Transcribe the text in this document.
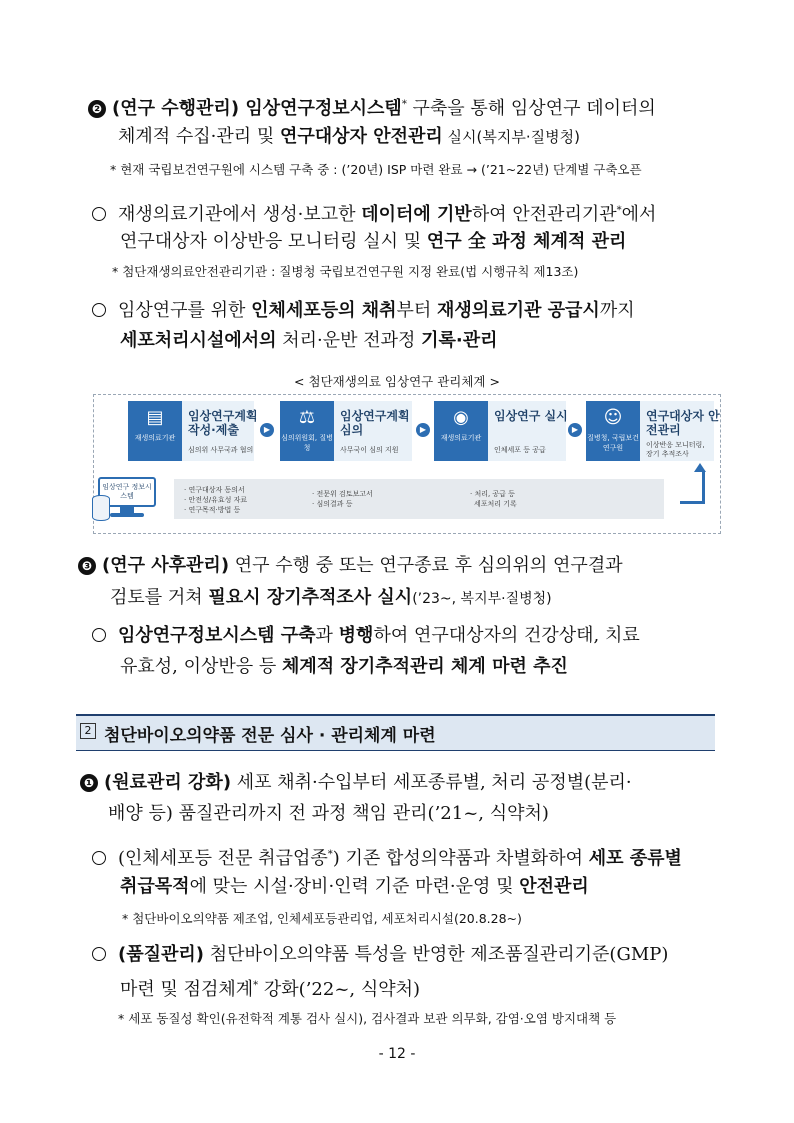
❷ (연구 수행관리) 임상연구정보시스템* 구축을 통해 임상연구 데이터의
체계적 수집·관리 및 연구대상자 안전관리 실시(복지부·질병청)
* 현재 국립보건연구원에 시스템 구축 중 : (’20년) ISP 마련 완료 → (’21~22년) 단계별 구축오픈
재생의료기관에서 생성·보고한 데이터에 기반하여 안전관리기관*에서
연구대상자 이상반응 모니터링 실시 및 연구 全 과정 체계적 관리
* 첨단재생의료안전관리기관 : 질병청 국립보건연구원 지정 완료(법 시행규칙 제13조)
임상연구를 위한 인체세포등의 채취부터 재생의료기관 공급시까지
세포처리시설에서의 처리·운반 전과정 기록·관리
< 첨단재생의료 임상연구 관리체계 >
▤
재생의료기관
임상연구계획 작성·제출
심의위 사무국과 협의
▶
⚖
심의위원회, 질병청
임상연구계획 심의
사무국이 심의 지원
▶
◉
재생의료기관
임상연구 실시
인체세포 등 공급
▶
☺
질병청, 국립보건연구원
연구대상자 안전관리
이상반응 모니터링, 장기 추적조사
· 연구대상자 동의서
· 안전성/유효성 자료
· 연구목적·방법 등
· 전문위 검토보고서
· 심의결과 등
· 처리, 공급 등
세포처리 기록
임상연구 정보시스템
❸ (연구 사후관리) 연구 수행 중 또는 연구종료 후 심의위의 연구결과
검토를 거쳐 필요시 장기추적조사 실시(’23~, 복지부·질병청)
임상연구정보시스템 구축과 병행하여 연구대상자의 건강상태, 치료
유효성, 이상반응 등 체계적 장기추적관리 체계 마련 추진
2 첨단바이오의약품 전문 심사 · 관리체계 마련
❶ (원료관리 강화) 세포 채취·수입부터 세포종류별, 처리 공정별(분리·
배양 등) 품질관리까지 전 과정 책임 관리(’21~, 식약처)
(인체세포등 전문 취급업종*) 기존 합성의약품과 차별화하여 세포 종류별
취급목적에 맞는 시설·장비·인력 기준 마련·운영 및 안전관리
* 첨단바이오의약품 제조업, 인체세포등관리업, 세포처리시설(20.8.28~)
(품질관리) 첨단바이오의약품 특성을 반영한 제조품질관리기준(GMP)
마련 및 점검체계* 강화(’22~, 식약처)
* 세포 동질성 확인(유전학적 계통 검사 실시), 검사결과 보관 의무화, 감염·오염 방지대책 등
- 12 -
